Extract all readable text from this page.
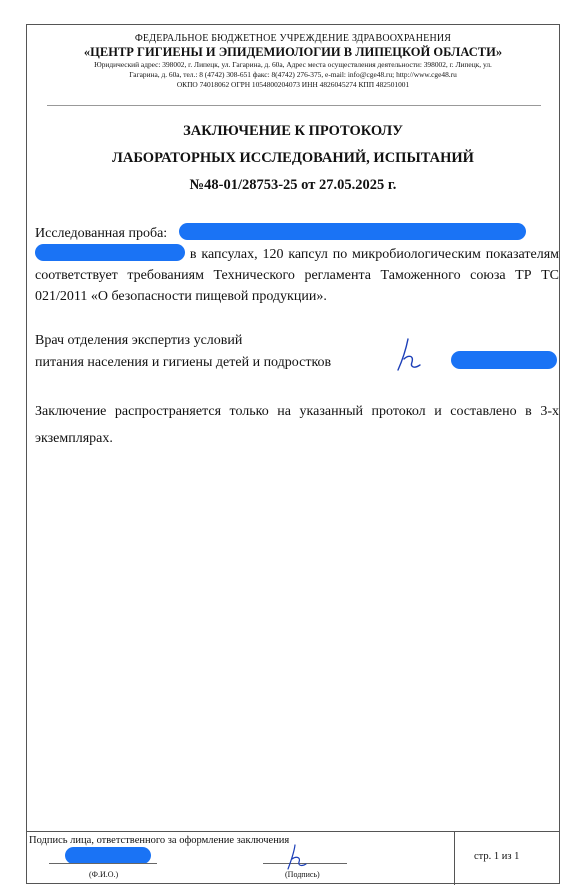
ФЕДЕРАЛЬНОЕ БЮДЖЕТНОЕ УЧРЕЖДЕНИЕ ЗДРАВООХРАНЕНИЯ
«ЦЕНТР ГИГИЕНЫ И ЭПИДЕМИОЛОГИИ В ЛИПЕЦКОЙ ОБЛАСТИ»
Юридический адрес: 398002, г. Липецк, ул. Гагарина, д. 60а, Адрес места осуществления деятельности: 398002, г. Липецк, ул.
Гагарина, д. 60а, тел.: 8 (4742) 308-651 факс: 8(4742) 276-375, e-mail: info@cge48.ru; http://www.cge48.ru
ОКПО 74018062 ОГРН 1054800204073 ИНН 4826045274 КПП 482501001
ЗАКЛЮЧЕНИЕ К ПРОТОКОЛУ
ЛАБОРАТОРНЫХ ИССЛЕДОВАНИЙ, ИСПЫТАНИЙ
№48-01/28753-25 от 27.05.2025 г.
Исследованная проба:
в капсулах, 120 капсул по микробиологическим показателям соответствует требованиям Технического регламента Таможенного союза ТР ТС 021/2011 «О безопасности пищевой продукции».
Врач отделения экспертиз условий
питания населения и гигиены детей и подростков
Заключение распространяется только на указанный протокол и составлено в 3-х экземплярах.
Подпись лица, ответственного за оформление заключения
(Ф.И.О.)	(Подпись)
стр. 1 из 1
